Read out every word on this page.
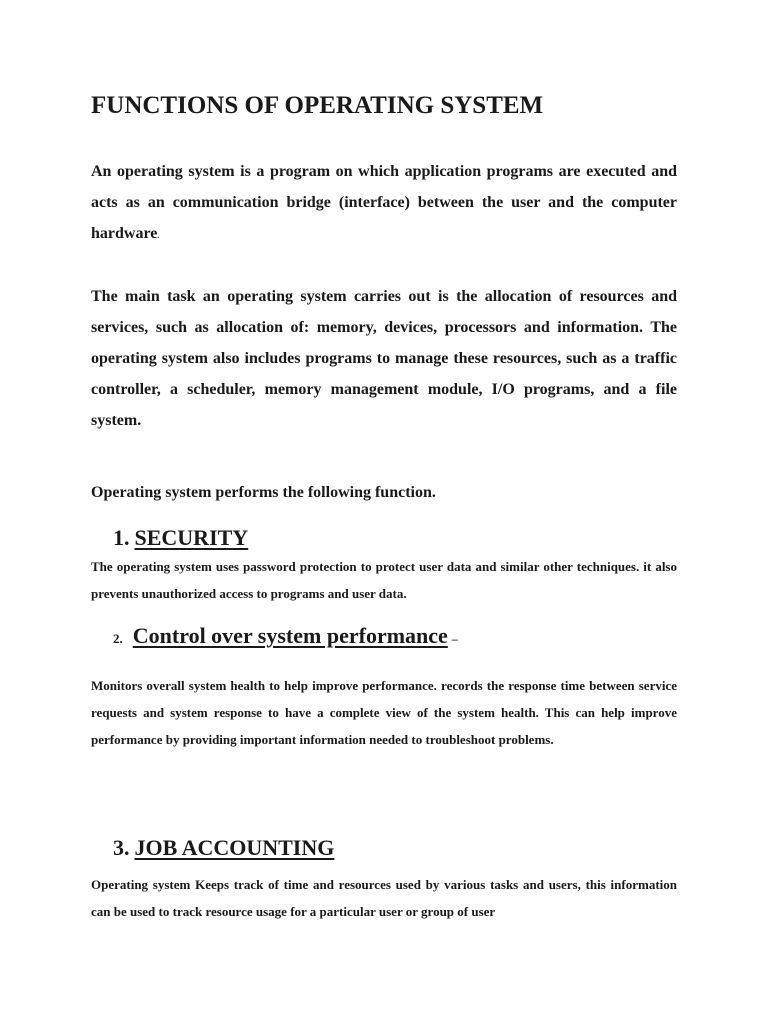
FUNCTIONS OF OPERATING SYSTEM
An operating system is a program on which application programs are executed and acts as an communication bridge (interface) between the user and the computer hardware.
The main task an operating system carries out is the allocation of resources and services, such as allocation of: memory, devices, processors and information. The operating system also includes programs to manage these resources, such as a traffic controller, a scheduler, memory management module, I/O programs, and a file system.
Operating system performs the following function.
1. SECURITY
The operating system uses password protection to protect user data and similar other techniques. it also prevents unauthorized access to programs and user data.
2. Control over system performance –
Monitors overall system health to help improve performance. records the response time between service requests and system response to have a complete view of the system health. This can help improve performance by providing important information needed to troubleshoot problems.
3. JOB ACCOUNTING
Operating system Keeps track of time and resources used by various tasks and users, this information can be used to track resource usage for a particular user or group of user
